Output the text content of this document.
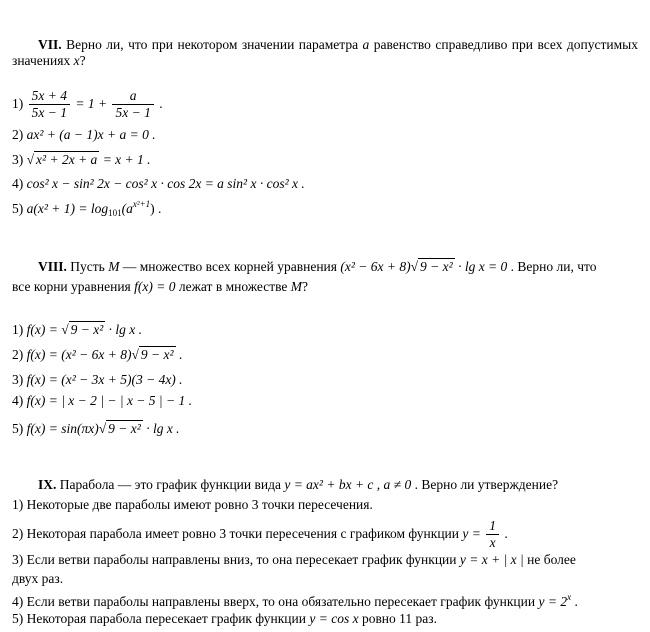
VII. Верно ли, что при некотором значении параметра a равенство справедливо при всех допустимых значениях x?
$1) \frac{5x + 4}{5x - 1} = 1 + \frac{a}{5x - 1}$ .
2) ax² + (a − 1)x + a = 0 .
3) √ x² + 2x + a = x + 1 .
4) cos² x − sin² 2x − cos² x · cos 2x = a sin² x · cos² x .
5) $a(x^2 + 1) = \log_{101}(a^{x^2+1})$ .
VIII. Пусть M — множество всех корней уравнения (x² − 6x + 8)√ 9 − x² · lg x = 0 . Верно ли, что
все корни уравнения f(x) = 0 лежат в множестве M?
1) f(x) = √ 9 − x² · lg x .
2) f(x) = (x² − 6x + 8)√ 9 − x² .
3) f(x) = (x² − 3x + 5)(3 − 4x) .
4) f(x) = | x − 2 | − | x − 5 | − 1 .
5) f(x) = sin(πx)√ 9 − x² · lg x .
IX. Парабола — это график функции вида y = ax² + bx + c , a ≠ 0 . Верно ли утверждение?
1) Некоторые две параболы имеют ровно 3 точки пересечения.
2) Некоторая парабола имеет ровно 3 точки пересечения с графиком функции $y = \frac{1}{x}$ .
3) Если ветви параболы направлены вниз, то она пересекает график функции y = x + | x | не более
двух раз.
4) Если ветви параболы направлены вверх, то она обязательно пересекает график функции $y = 2^x$ .
5) Некоторая парабола пересекает график функции y = cos x ровно 11 раз.
